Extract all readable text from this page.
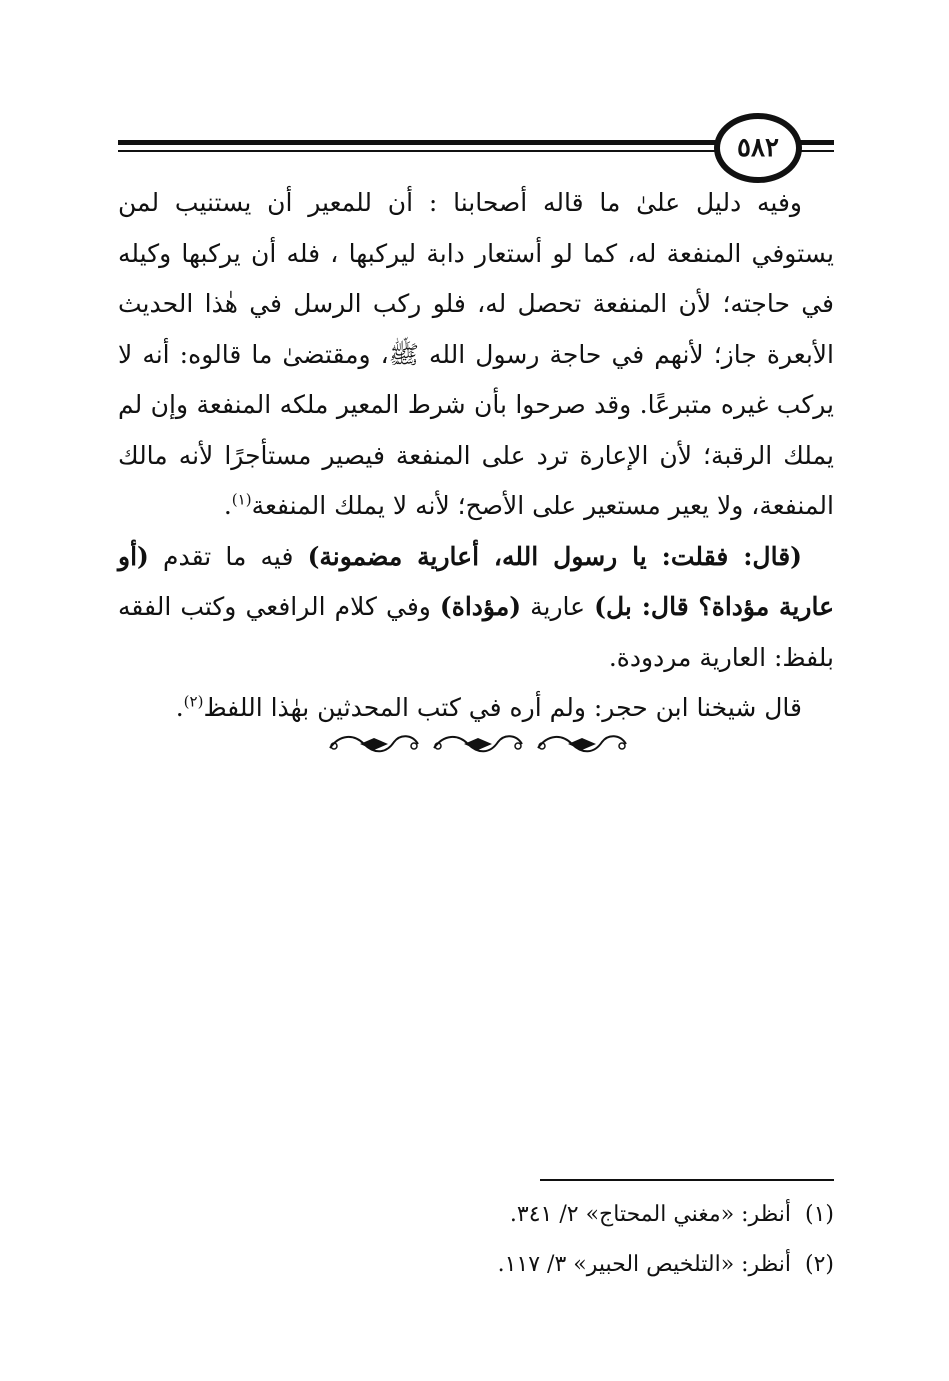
٥٨٢

وفيه دليل علىٰ ما قاله أصحابنا : أن للمعير أن يستنيب لمن يستوفي المنفعة له، كما لو أستعار دابة ليركبها ، فله أن يركبها وكيله في حاجته؛ لأن المنفعة تحصل له، فلو ركب الرسل في هٰذا الحديث الأبعرة جاز؛ لأنهم في حاجة رسول الله ﷺ، ومقتضىٰ ما قالوه: أنه لا يركب غيره متبرعًا. وقد صرحوا بأن شرط المعير ملكه المنفعة وإن لم يملك الرقبة؛ لأن الإعارة ترد على المنفعة فيصير مستأجرًا لأنه مالك المنفعة، ولا يعير مستعير على الأصح؛ لأنه لا يملك المنفعة$^{(١)}$.

(قال: فقلت: يا رسول الله، أعارية مضمونة) فيه ما تقدم (أو عارية مؤداة؟ قال: بل) عارية (مؤداة) وفي كلام الرافعي وكتب الفقه بلفظ: العارية مردودة.

قال شيخنا ابن حجر: ولم أره في كتب المحدثين بهٰذا اللفظ$^{(٢)}$.

(١)  أنظر: «مغني المحتاج» ٢/ ٣٤١.

(٢)  أنظر: «التلخيص الحبير» ٣/ ١١٧.
